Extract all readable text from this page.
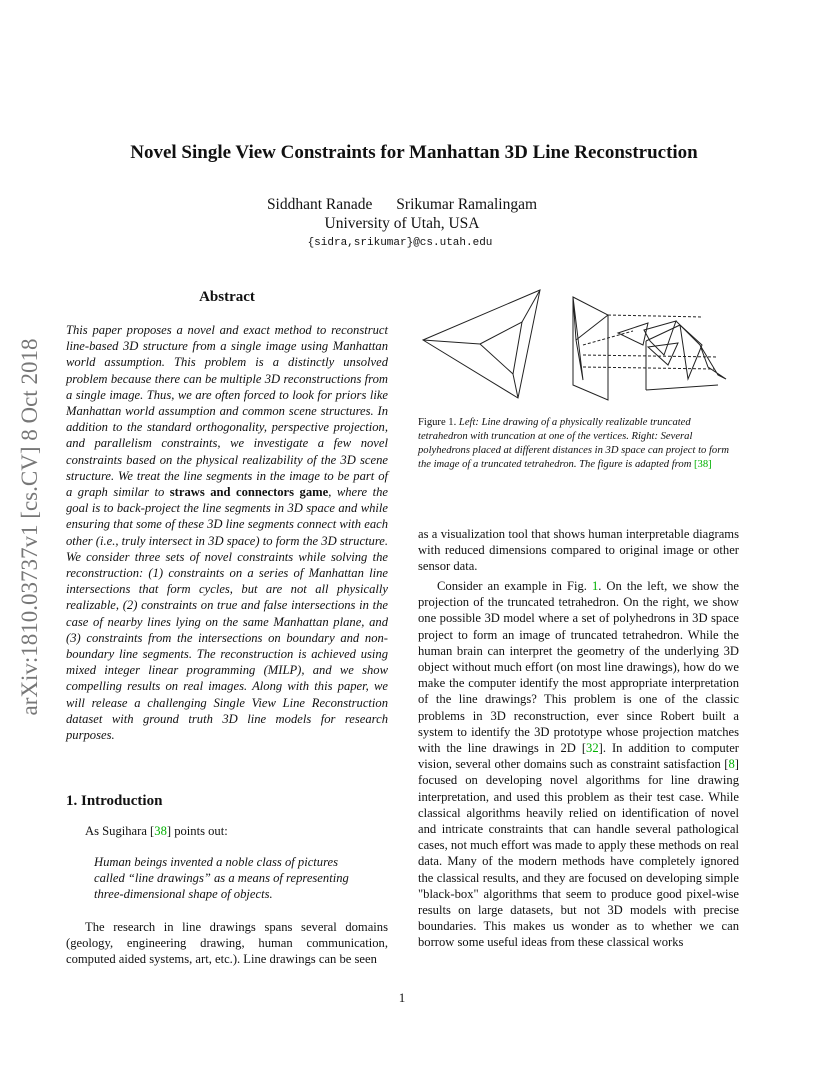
Novel Single View Constraints for Manhattan 3D Line Reconstruction
Siddhant Ranade Srikumar Ramalingam
University of Utah, USA
{sidra,srikumar}@cs.utah.edu
arXiv:1810.03737v1 [cs.CV] 8 Oct 2018
Abstract
This paper proposes a novel and exact method to reconstruct line-based 3D structure from a single image using Manhattan world assumption. This problem is a distinctly unsolved problem because there can be multiple 3D reconstructions from a single image. Thus, we are often forced to look for priors like Manhattan world assumption and common scene structures. In addition to the standard orthogonality, perspective projection, and parallelism constraints, we investigate a few novel constraints based on the physical realizability of the 3D scene structure. We treat the line segments in the image to be part of a graph similar to straws and connectors game, where the goal is to back-project the line segments in 3D space and while ensuring that some of these 3D line segments connect with each other (i.e., truly intersect in 3D space) to form the 3D structure. We consider three sets of novel constraints while solving the reconstruction: (1) constraints on a series of Manhattan line intersections that form cycles, but are not all physically realizable, (2) constraints on true and false intersections in the case of nearby lines lying on the same Manhattan plane, and (3) constraints from the intersections on boundary and non-boundary line segments. The reconstruction is achieved using mixed integer linear programming (MILP), and we show compelling results on real images. Along with this paper, we will release a challenging Single View Line Reconstruction dataset with ground truth 3D line models for research purposes.
1. Introduction
As Sugihara [38] points out:
Human beings invented a noble class of pictures called “line drawings” as a means of representing three-dimensional shape of objects.
The research in line drawings spans several domains (geology, engineering drawing, human communication, computed aided systems, art, etc.). Line drawings can be seen
Figure 1. Left: Line drawing of a physically realizable truncated tetrahedron with truncation at one of the vertices. Right: Several polyhedrons placed at different distances in 3D space can project to form the image of a truncated tetrahedron. The figure is adapted from [38]
as a visualization tool that shows human interpretable diagrams with reduced dimensions compared to original image or other sensor data.
Consider an example in Fig. 1. On the left, we show the projection of the truncated tetrahedron. On the right, we show one possible 3D model where a set of polyhedrons in 3D space project to form an image of truncated tetrahedron. While the human brain can interpret the geometry of the underlying 3D object without much effort (on most line drawings), how do we make the computer identify the most appropriate interpretation of the line drawings? This problem is one of the classic problems in 3D reconstruction, ever since Robert built a system to identify the 3D prototype whose projection matches with the line drawings in 2D [32]. In addition to computer vision, several other domains such as constraint satisfaction [8] focused on developing novel algorithms for line drawing interpretation, and used this problem as their test case. While classical algorithms heavily relied on identification of novel and intricate constraints that can handle several pathological cases, not much effort was made to apply these methods on real data. Many of the modern methods have completely ignored the classical results, and they are focused on developing simple "black-box" algorithms that seem to produce good pixel-wise results on large datasets, but not 3D models with precise boundaries. This makes us wonder as to whether we can borrow some useful ideas from these classical works
1
